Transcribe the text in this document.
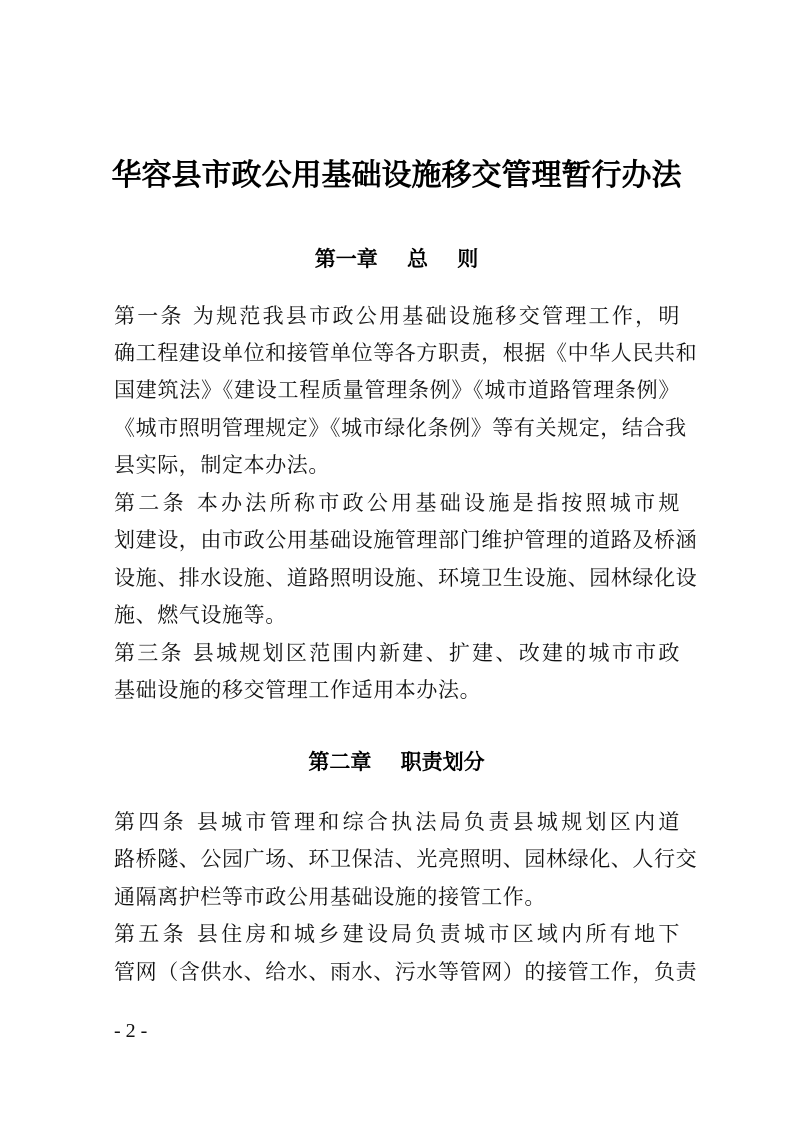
华容县市政公用基础设施移交管理暂行办法
第一章    总    则
第一条 为规范我县市政公用基础设施移交管理工作，明
确工程建设单位和接管单位等各方职责，根据《中华人民共和
国建筑法》《建设工程质量管理条例》《城市道路管理条例》
《城市照明管理规定》《城市绿化条例》等有关规定，结合我
县实际，制定本办法。
第二条 本办法所称市政公用基础设施是指按照城市规
划建设，由市政公用基础设施管理部门维护管理的道路及桥涵
设施、排水设施、道路照明设施、环境卫生设施、园林绿化设
施、燃气设施等。
第三条 县城规划区范围内新建、扩建、改建的城市市政
基础设施的移交管理工作适用本办法。
第二章    职责划分
第四条 县城市管理和综合执法局负责县城规划区内道
路桥隧、公园广场、环卫保洁、光亮照明、园林绿化、人行交
通隔离护栏等市政公用基础设施的接管工作。
第五条 县住房和城乡建设局负责城市区域内所有地下
管网（含供水、给水、雨水、污水等管网）的接管工作，负责
- 2 -
